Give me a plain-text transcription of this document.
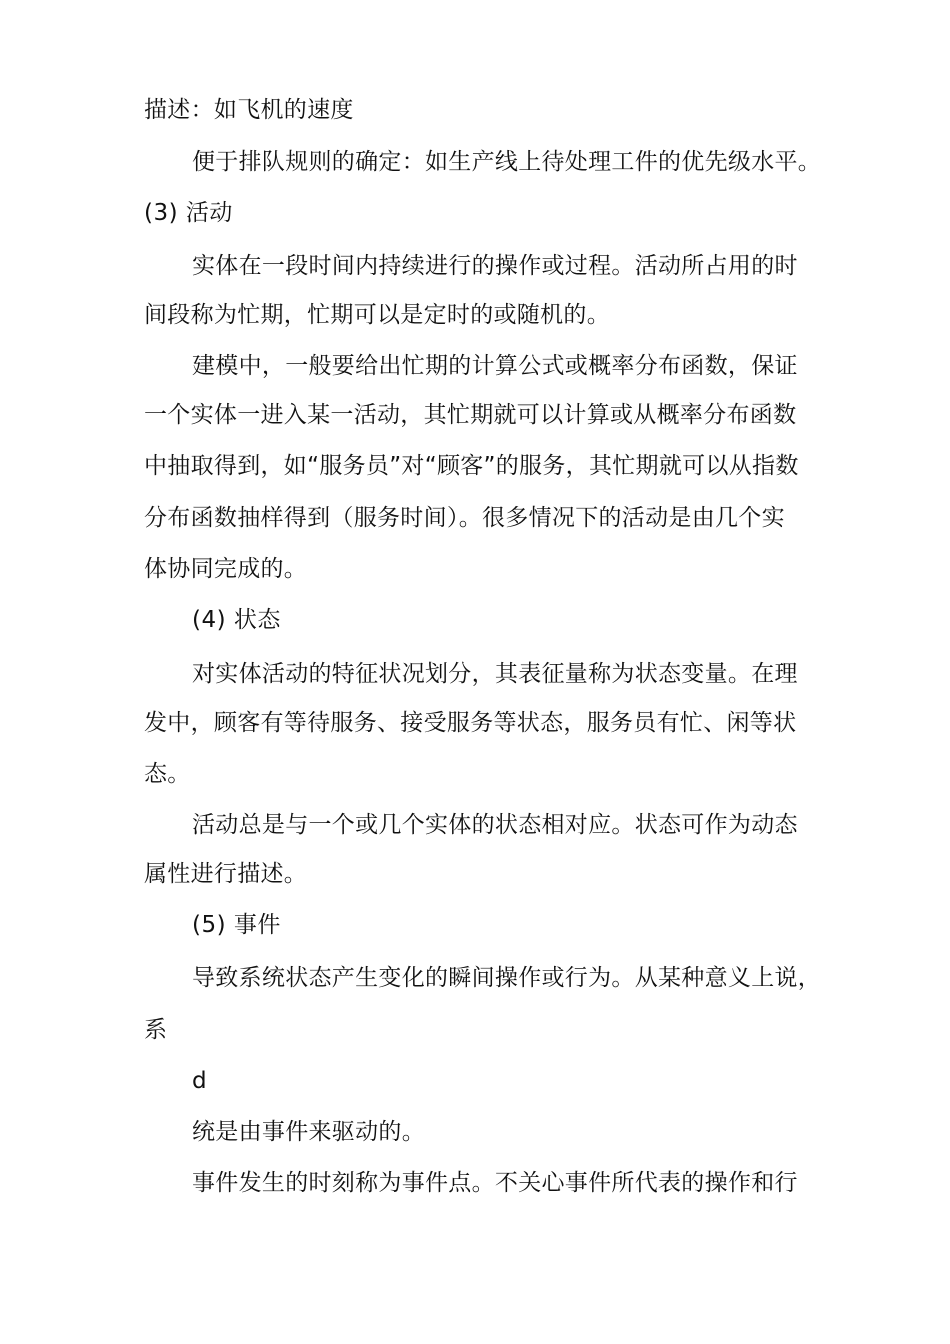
描述：如飞机的速度
便于排队规则的确定：如生产线上待处理工件的优先级水平。
(3) 活动
实体在一段时间内持续进行的操作或过程。活动所占用的时
间段称为忙期，忙期可以是定时的或随机的。
建模中，一般要给出忙期的计算公式或概率分布函数，保证
一个实体一进入某一活动，其忙期就可以计算或从概率分布函数
中抽取得到，如“服务员”对“顾客”的服务，其忙期就可以从指数
分布函数抽样得到（服务时间）。很多情况下的活动是由几个实
体协同完成的。
(4) 状态
对实体活动的特征状况划分，其表征量称为状态变量。在理
发中，顾客有等待服务、接受服务等状态，服务员有忙、闲等状
态。
活动总是与一个或几个实体的状态相对应。状态可作为动态
属性进行描述。
(5) 事件
导致系统状态产生变化的瞬间操作或行为。从某种意义上说，
系
d
统是由事件来驱动的。
事件发生的时刻称为事件点。不关心事件所代表的操作和行
